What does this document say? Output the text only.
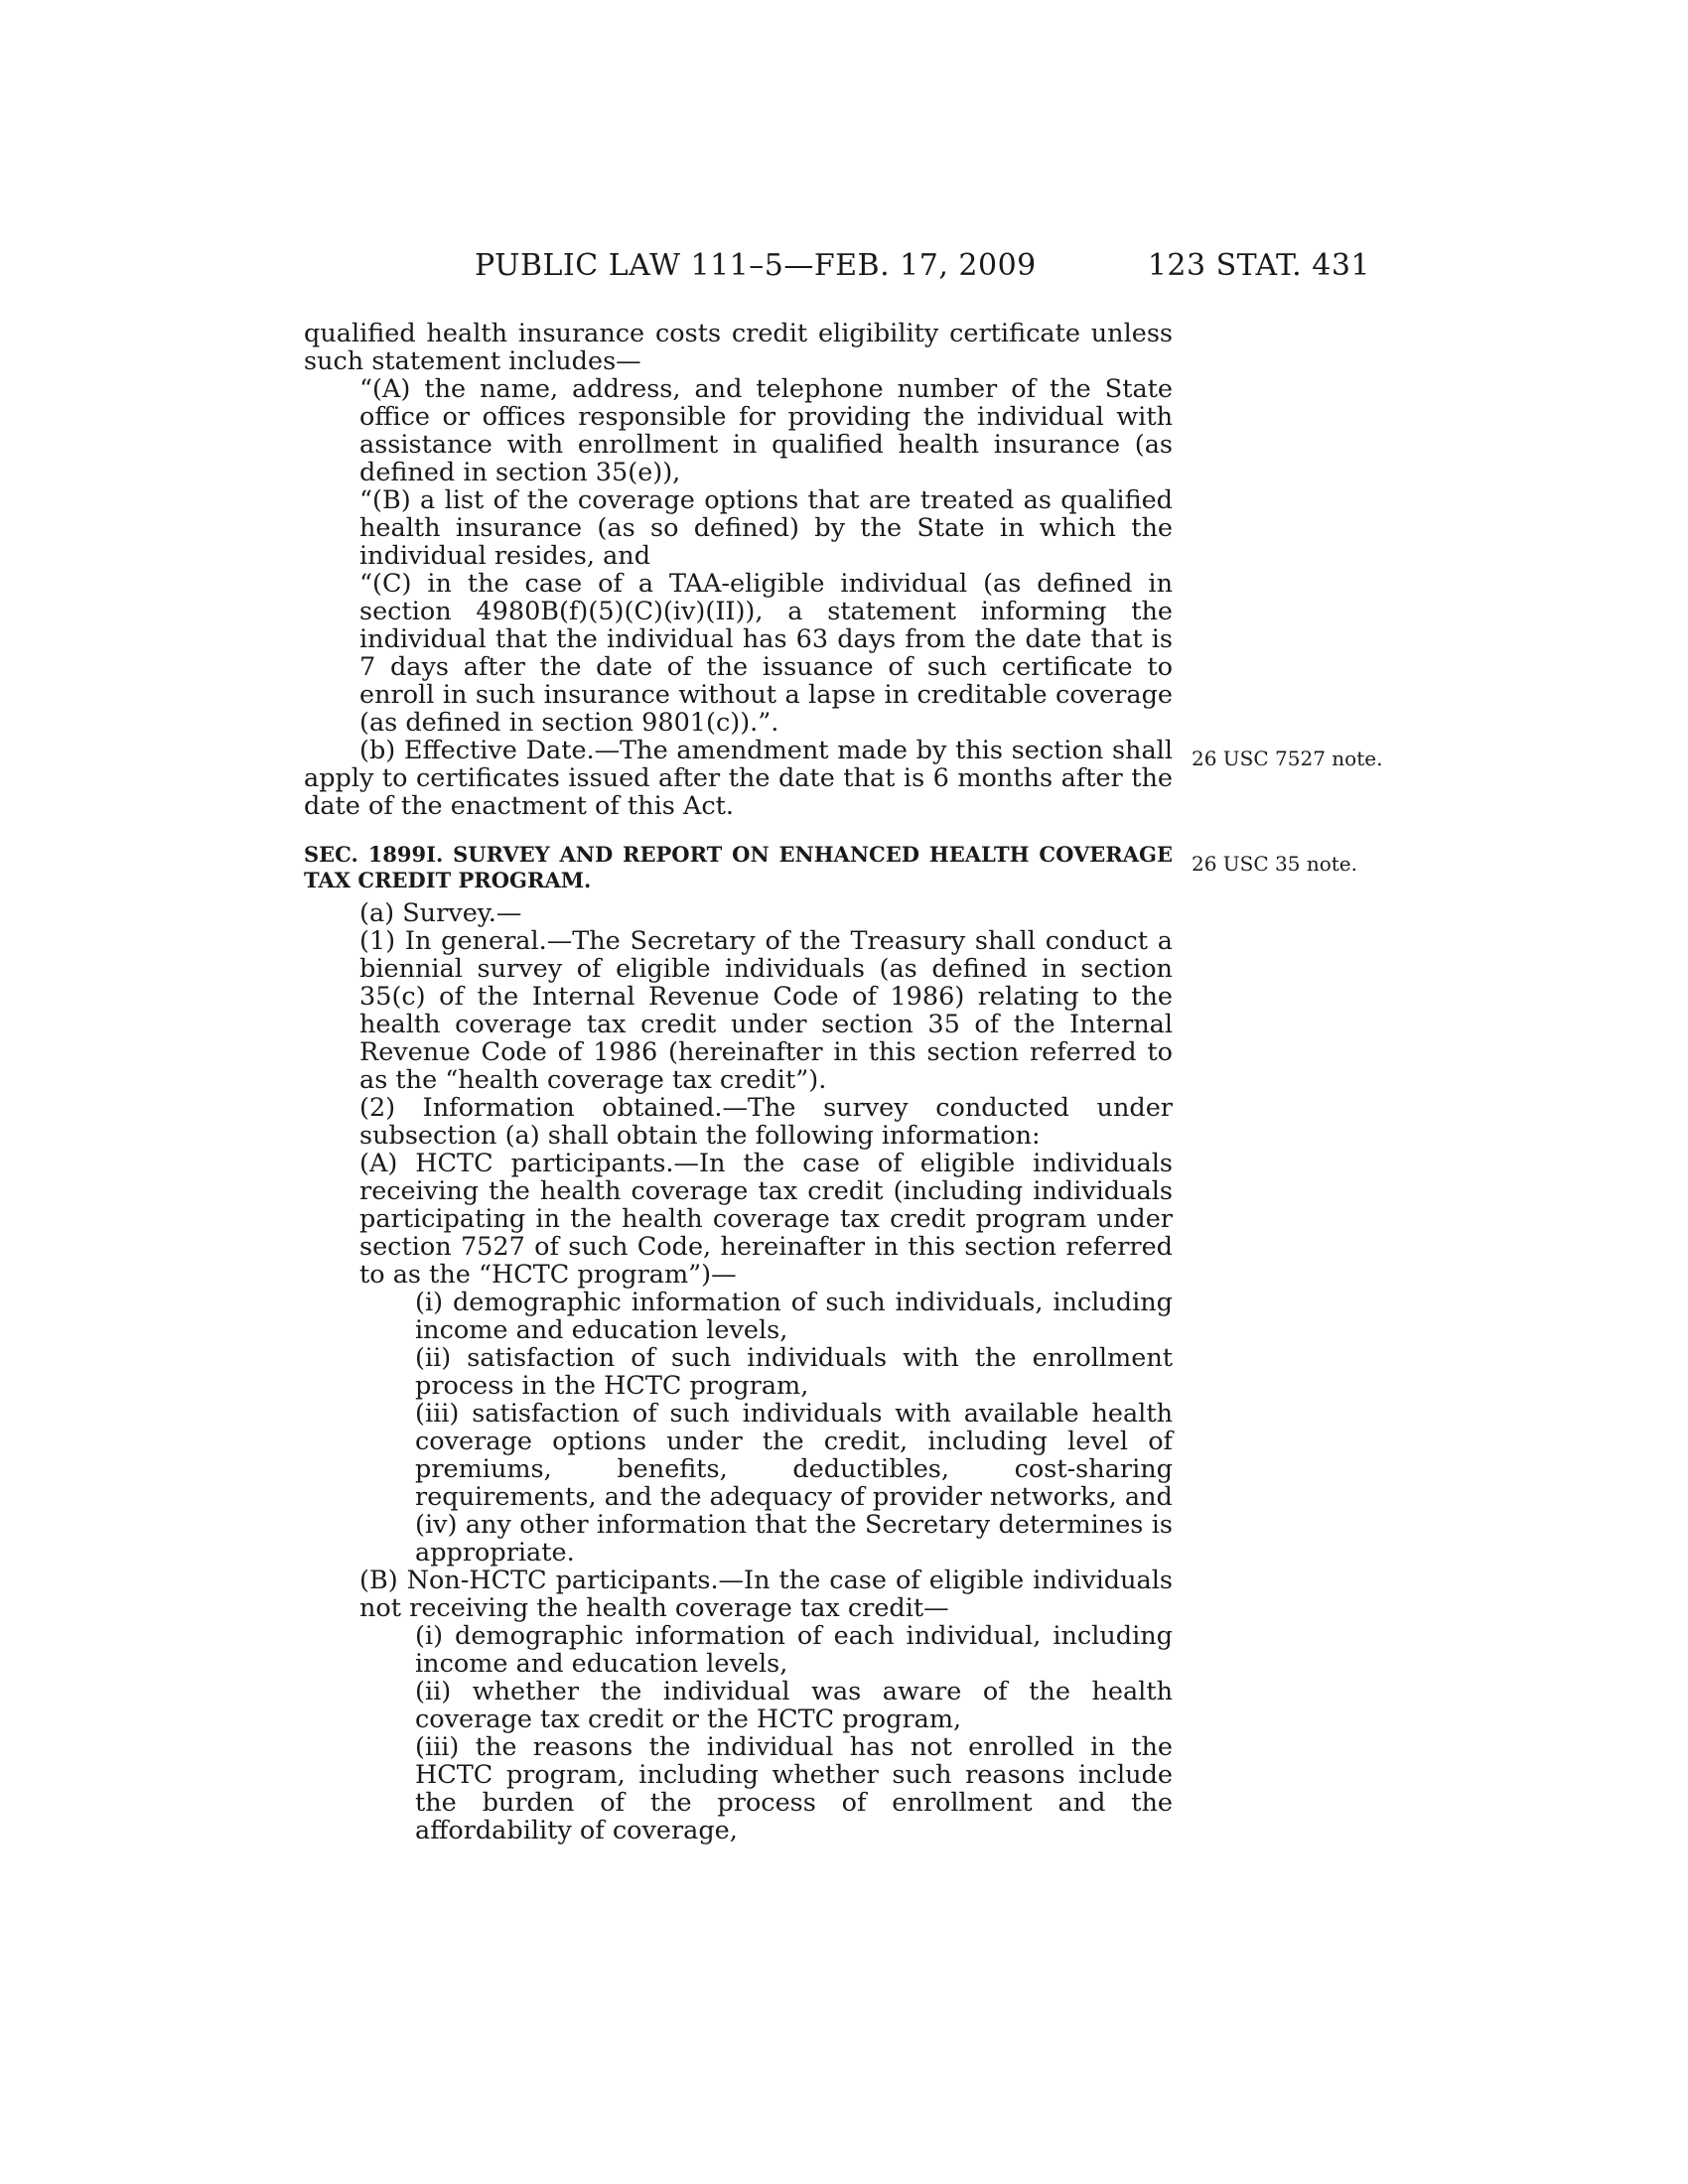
PUBLIC LAW 111–5—FEB. 17, 2009	123 STAT. 431

qualified health insurance costs credit eligibility certificate unless such statement includes—

“(A) the name, address, and telephone number of the State office or offices responsible for providing the individual with assistance with enrollment in qualified health insurance (as defined in section 35(e)),

“(B) a list of the coverage options that are treated as qualified health insurance (as so defined) by the State in which the individual resides, and

“(C) in the case of a TAA-eligible individual (as defined in section 4980B(f)(5)(C)(iv)(II)), a statement informing the individual that the individual has 63 days from the date that is 7 days after the date of the issuance of such certificate to enroll in such insurance without a lapse in creditable coverage (as defined in section 9801(c)).”.

(b) Effective Date.—The amendment made by this section shall apply to certificates issued after the date that is 6 months after the date of the enactment of this Act.

SEC. 1899I. SURVEY AND REPORT ON ENHANCED HEALTH COVERAGE TAX CREDIT PROGRAM.

(a) Survey.—

(1) In general.—The Secretary of the Treasury shall conduct a biennial survey of eligible individuals (as defined in section 35(c) of the Internal Revenue Code of 1986) relating to the health coverage tax credit under section 35 of the Internal Revenue Code of 1986 (hereinafter in this section referred to as the “health coverage tax credit”).

(2) Information obtained.—The survey conducted under subsection (a) shall obtain the following information:

(A) HCTC participants.—In the case of eligible individuals receiving the health coverage tax credit (including individuals participating in the health coverage tax credit program under section 7527 of such Code, hereinafter in this section referred to as the “HCTC program”)—

(i) demographic information of such individuals, including income and education levels,

(ii) satisfaction of such individuals with the enrollment process in the HCTC program,

(iii) satisfaction of such individuals with available health coverage options under the credit, including level of premiums, benefits, deductibles, cost-sharing requirements, and the adequacy of provider networks, and

(iv) any other information that the Secretary determines is appropriate.

(B) Non-HCTC participants.—In the case of eligible individuals not receiving the health coverage tax credit—

(i) demographic information of each individual, including income and education levels,

(ii) whether the individual was aware of the health coverage tax credit or the HCTC program,

(iii) the reasons the individual has not enrolled in the HCTC program, including whether such reasons include the burden of the process of enrollment and the affordability of coverage,

26 USC 7527 note.
26 USC 35 note.
